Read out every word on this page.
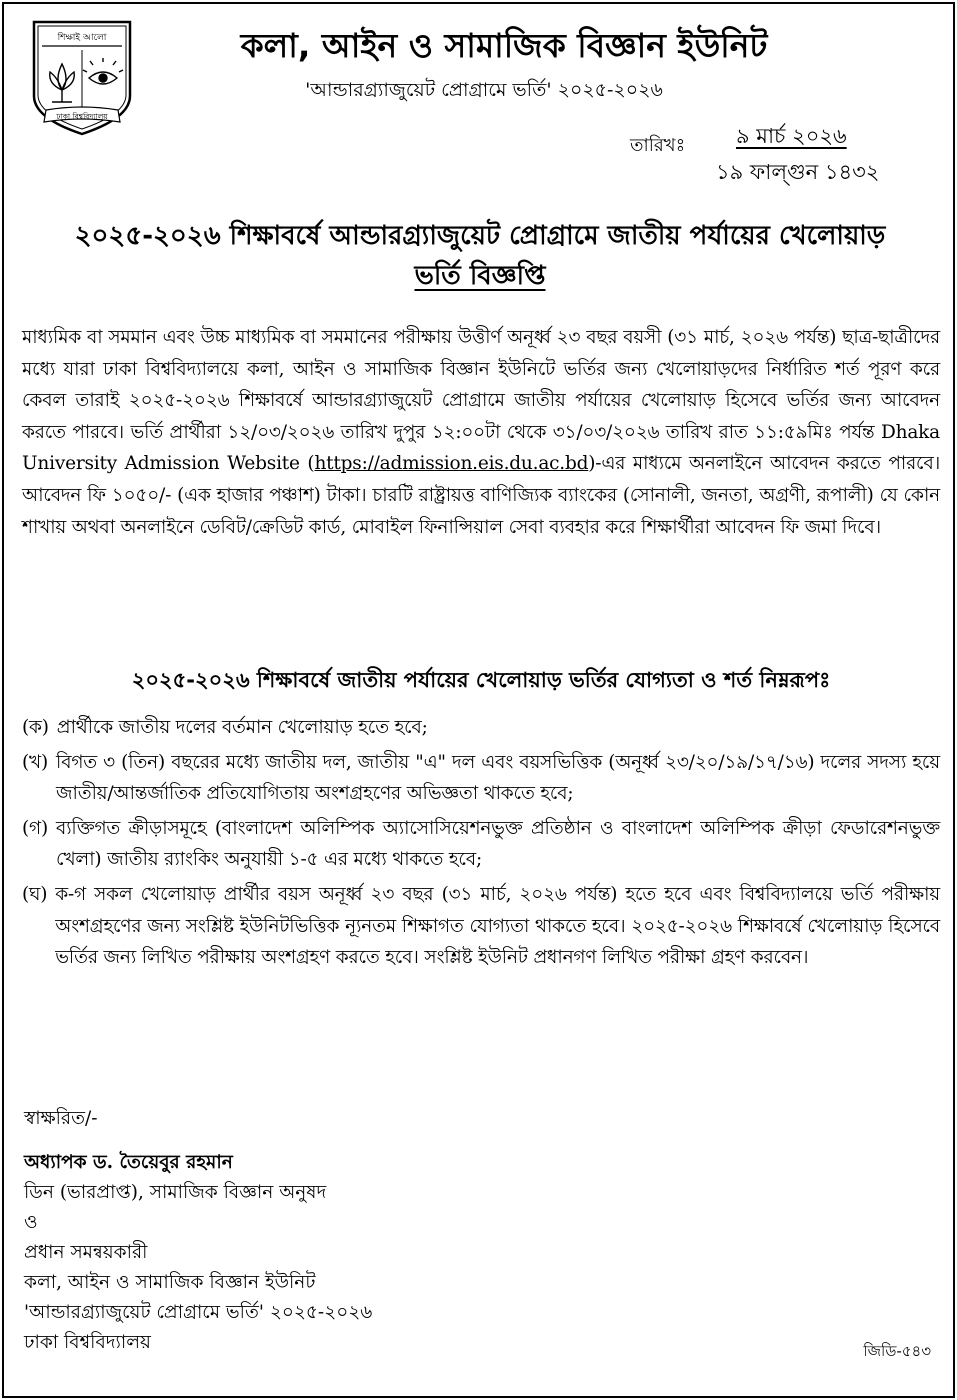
শিক্ষাই আলো
ঢাকা বিশ্ববিদ্যালয়
কলা, আইন ও সামাজিক বিজ্ঞান ইউনিট
'আন্ডারগ্র্যাজুয়েট প্রোগ্রামে ভর্তি' ২০২৫-২০২৬
তারিখঃ ৯ মার্চ ২০২৬
১৯ ফাল্গুন ১৪৩২
২০২৫-২০২৬ শিক্ষাবর্ষে আন্ডারগ্র্যাজুয়েট প্রোগ্রামে জাতীয় পর্যায়ের খেলোয়াড়
ভর্তি বিজ্ঞপ্তি
মাধ্যমিক বা সমমান এবং উচ্চ মাধ্যমিক বা সমমানের পরীক্ষায় উত্তীর্ণ অনূর্ধ্ব ২৩ বছর বয়সী (৩১ মার্চ, ২০২৬ পর্যন্ত) ছাত্র-ছাত্রীদের মধ্যে যারা ঢাকা বিশ্ববিদ্যালয়ে কলা, আইন ও সামাজিক বিজ্ঞান ইউনিটে ভর্তির জন্য খেলোয়াড়দের নির্ধারিত শর্ত পূরণ করে কেবল তারাই ২০২৫-২০২৬ শিক্ষাবর্ষে আন্ডারগ্র্যাজুয়েট প্রোগ্রামে জাতীয় পর্যায়ের খেলোয়াড় হিসেবে ভর্তির জন্য আবেদন করতে পারবে। ভর্তি প্রার্থীরা ১২/০৩/২০২৬ তারিখ দুপুর ১২:০০টা থেকে ৩১/০৩/২০২৬ তারিখ রাত ১১:৫৯মিঃ পর্যন্ত Dhaka University Admission Website (https://admission.eis.du.ac.bd)-এর মাধ্যমে অনলাইনে আবেদন করতে পারবে। আবেদন ফি ১০৫০/- (এক হাজার পঞ্চাশ) টাকা। চারটি রাষ্ট্রায়ত্ত বাণিজ্যিক ব্যাংকের (সোনালী, জনতা, অগ্রণী, রূপালী) যে কোন শাখায় অথবা অনলাইনে ডেবিট/ক্রেডিট কার্ড, মোবাইল ফিনান্সিয়াল সেবা ব্যবহার করে শিক্ষার্থীরা আবেদন ফি জমা দিবে।
২০২৫-২০২৬ শিক্ষাবর্ষে জাতীয় পর্যায়ের খেলোয়াড় ভর্তির যোগ্যতা ও শর্ত নিম্নরূপঃ
(ক) প্রার্থীকে জাতীয় দলের বর্তমান খেলোয়াড় হতে হবে;
(খ) বিগত ৩ (তিন) বছরের মধ্যে জাতীয় দল, জাতীয় "এ" দল এবং বয়সভিত্তিক (অনূর্ধ্ব ২৩/২০/১৯/১৭/১৬) দলের সদস্য হয়ে জাতীয়/আন্তর্জাতিক প্রতিযোগিতায় অংশগ্রহণের অভিজ্ঞতা থাকতে হবে;
(গ) ব্যক্তিগত ক্রীড়াসমূহে (বাংলাদেশ অলিম্পিক অ্যাসোসিয়েশনভুক্ত প্রতিষ্ঠান ও বাংলাদেশ অলিম্পিক ক্রীড়া ফেডারেশনভুক্ত খেলা) জাতীয় র‍্যাংকিং অনুযায়ী ১-৫ এর মধ্যে থাকতে হবে;
(ঘ) ক-গ সকল খেলোয়াড় প্রার্থীর বয়স অনূর্ধ্ব ২৩ বছর (৩১ মার্চ, ২০২৬ পর্যন্ত) হতে হবে এবং বিশ্ববিদ্যালয়ে ভর্তি পরীক্ষায় অংশগ্রহণের জন্য সংশ্লিষ্ট ইউনিটভিত্তিক ন্যূনতম শিক্ষাগত যোগ্যতা থাকতে হবে। ২০২৫-২০২৬ শিক্ষাবর্ষে খেলোয়াড় হিসেবে ভর্তির জন্য লিখিত পরীক্ষায় অংশগ্রহণ করতে হবে। সংশ্লিষ্ট ইউনিট প্রধানগণ লিখিত পরীক্ষা গ্রহণ করবেন।
স্বাক্ষরিত/-
অধ্যাপক ড. তৈয়েবুর রহমান
ডিন (ভারপ্রাপ্ত), সামাজিক বিজ্ঞান অনুষদ
ও
প্রধান সমন্বয়কারী
কলা, আইন ও সামাজিক বিজ্ঞান ইউনিট
'আন্ডারগ্র্যাজুয়েট প্রোগ্রামে ভর্তি' ২০২৫-২০২৬
ঢাকা বিশ্ববিদ্যালয়	জিডি-৫৪৩
